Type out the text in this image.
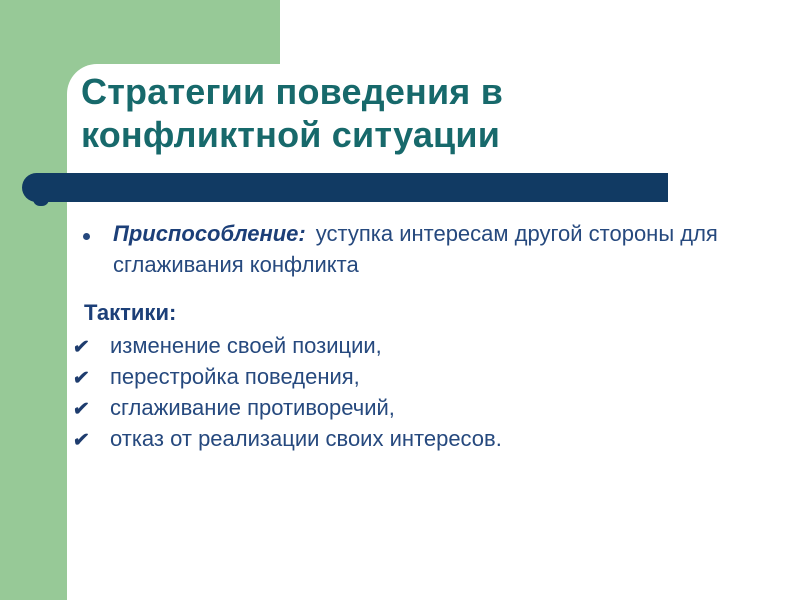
Стратегии поведения в
конфликтной ситуации

Приспособление: уступка интересам другой стороны для
сглаживания конфликта

Тактики:

✔ изменение своей позиции,
✔ перестройка поведения,
✔ сглаживание противоречий,
✔ отказ от реализации своих интересов.
